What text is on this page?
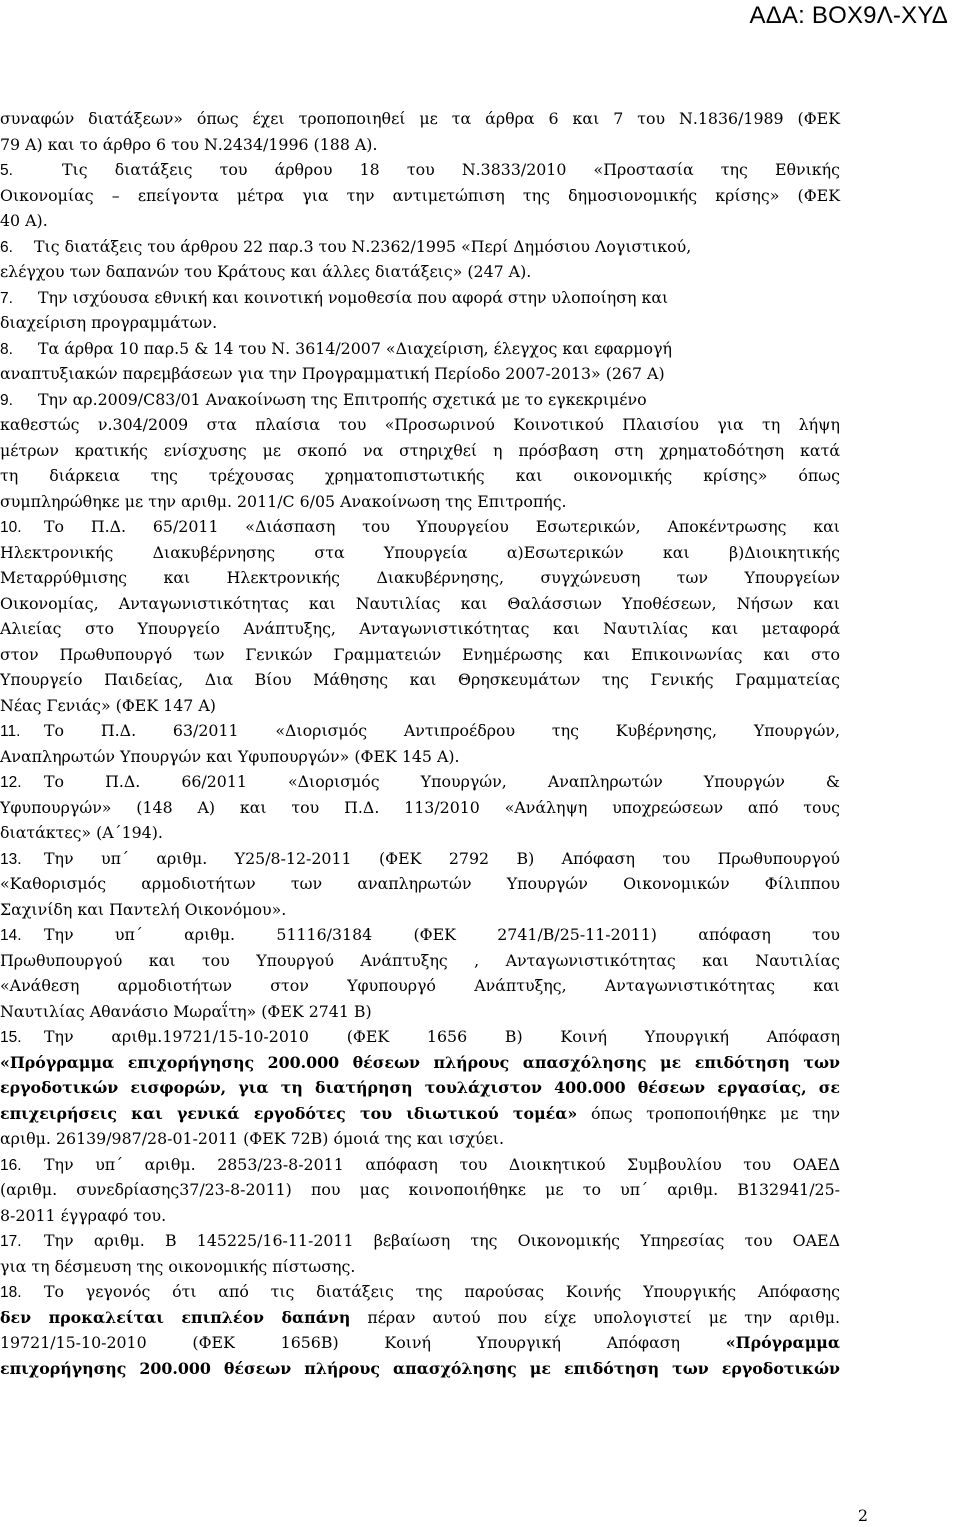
ΑΔΑ: ΒΟΧ9Λ-ΧΥΔ
συναφών διατάξεων» όπως έχει τροποποιηθεί με τα άρθρα 6 και 7 του Ν.1836/1989 (ΦΕΚ
79 Α) και το άρθρο 6 του Ν.2434/1996 (188 Α).
5.	Τις διατάξεις του άρθρου 18 του Ν.3833/2010 «Προστασία της Εθνικής
Οικονομίας – επείγοντα μέτρα για την αντιμετώπιση της δημοσιονομικής κρίσης» (ΦΕΚ
40 Α).
6. Τις διατάξεις του άρθρου 22 παρ.3 του Ν.2362/1995 «Περί Δημόσιου Λογιστικού,
ελέγχου των δαπανών του Κράτους και άλλες διατάξεις» (247 Α).
7. Την ισχύουσα εθνική και κοινοτική νομοθεσία που αφορά στην υλοποίηση και
διαχείριση προγραμμάτων.
8. Τα άρθρα 10 παρ.5 & 14 του Ν. 3614/2007 «Διαχείριση, έλεγχος και εφαρμογή
αναπτυξιακών παρεμβάσεων για την Προγραμματική Περίοδο 2007-2013» (267 Α)
9. Την αρ.2009/C83/01 Ανακοίνωση της Επιτροπής σχετικά με το εγκεκριμένο
καθεστώς ν.304/2009 στα πλαίσια του «Προσωρινού Κοινοτικού Πλαισίου για τη λήψη
μέτρων κρατικής ενίσχυσης με σκοπό να στηριχθεί η πρόσβαση στη χρηματοδότηση κατά
τη διάρκεια της τρέχουσας χρηματοπιστωτικής και οικονομικής κρίσης» όπως
συμπληρώθηκε με την αριθμ. 2011/C 6/05 Ανακοίνωση της Επιτροπής.
10. Το Π.Δ. 65/2011 «Διάσπαση του Υπουργείου Εσωτερικών, Αποκέντρωσης και
Ηλεκτρονικής Διακυβέρνησης στα Υπουργεία α)Εσωτερικών και β)Διοικητικής
Μεταρρύθμισης και Ηλεκτρονικής Διακυβέρνησης, συγχώνευση των Υπουργείων
Οικονομίας, Ανταγωνιστικότητας και Ναυτιλίας και Θαλάσσιων Υποθέσεων, Νήσων και
Αλιείας στο Υπουργείο Ανάπτυξης, Ανταγωνιστικότητας και Ναυτιλίας και μεταφορά
στον Πρωθυπουργό των Γενικών Γραμματειών Ενημέρωσης και Επικοινωνίας και στο
Υπουργείο Παιδείας, Δια Βίου Μάθησης και Θρησκευμάτων της Γενικής Γραμματείας
Νέας Γενιάς» (ΦΕΚ 147 Α)
11. Το Π.Δ. 63/2011 «Διορισμός Αντιπροέδρου της Κυβέρνησης, Υπουργών,
Αναπληρωτών Υπουργών και Υφυπουργών» (ΦΕΚ 145 Α).
12. Το Π.Δ. 66/2011 «Διορισμός Υπουργών, Αναπληρωτών Υπουργών &
Υφυπουργών» (148 Α) και του Π.Δ. 113/2010 «Ανάληψη υποχρεώσεων από τους
διατάκτες» (Α΄194).
13. Την υπ΄ αριθμ. Υ25/8-12-2011 (ΦΕΚ 2792 Β) Απόφαση του Πρωθυπουργού
«Καθορισμός αρμοδιοτήτων των αναπληρωτών Υπουργών Οικονομικών Φίλιππου
Σαχινίδη και Παντελή Οικονόμου».
14. Την υπ΄ αριθμ. 51116/3184 (ΦΕΚ 2741/Β/25-11-2011) απόφαση του
Πρωθυπουργού και του Υπουργού Ανάπτυξης , Ανταγωνιστικότητας και Ναυτιλίας
«Ανάθεση αρμοδιοτήτων στον Υφυπουργό Ανάπτυξης, Ανταγωνιστικότητας και
Ναυτιλίας Αθανάσιο Μωραΐτη» (ΦΕΚ 2741 Β)
15. Την αριθμ.19721/15-10-2010 (ΦΕΚ 1656 Β) Κοινή Υπουργική Απόφαση
«Πρόγραμμα επιχορήγησης 200.000 θέσεων πλήρους απασχόλησης με επιδότηση των
εργοδοτικών εισφορών, για τη διατήρηση τουλάχιστον 400.000 θέσεων εργασίας, σε
επιχειρήσεις και γενικά εργοδότες του ιδιωτικού τομέα» όπως τροποποιήθηκε με την
αριθμ. 26139/987/28-01-2011 (ΦΕΚ 72Β) όμοιά της και ισχύει.
16. Την υπ΄ αριθμ. 2853/23-8-2011 απόφαση του Διοικητικού Συμβουλίου του ΟΑΕΔ
(αριθμ. συνεδρίασης37/23-8-2011) που μας κοινοποιήθηκε με το υπ΄ αριθμ. Β132941/25-
8-2011 έγγραφό του.
17. Την αριθμ. Β 145225/16-11-2011 βεβαίωση της Οικονομικής Υπηρεσίας του ΟΑΕΔ
για τη δέσμευση της οικονομικής πίστωσης.
18. Το γεγονός ότι από τις διατάξεις της παρούσας Κοινής Υπουργικής Απόφασης
δεν προκαλείται επιπλέον δαπάνη πέραν αυτού που είχε υπολογιστεί με την αριθμ.
19721/15-10-2010 (ΦΕΚ 1656Β) Κοινή Υπουργική Απόφαση «Πρόγραμμα
επιχορήγησης 200.000 θέσεων πλήρους απασχόλησης με επιδότηση των εργοδοτικών
2
